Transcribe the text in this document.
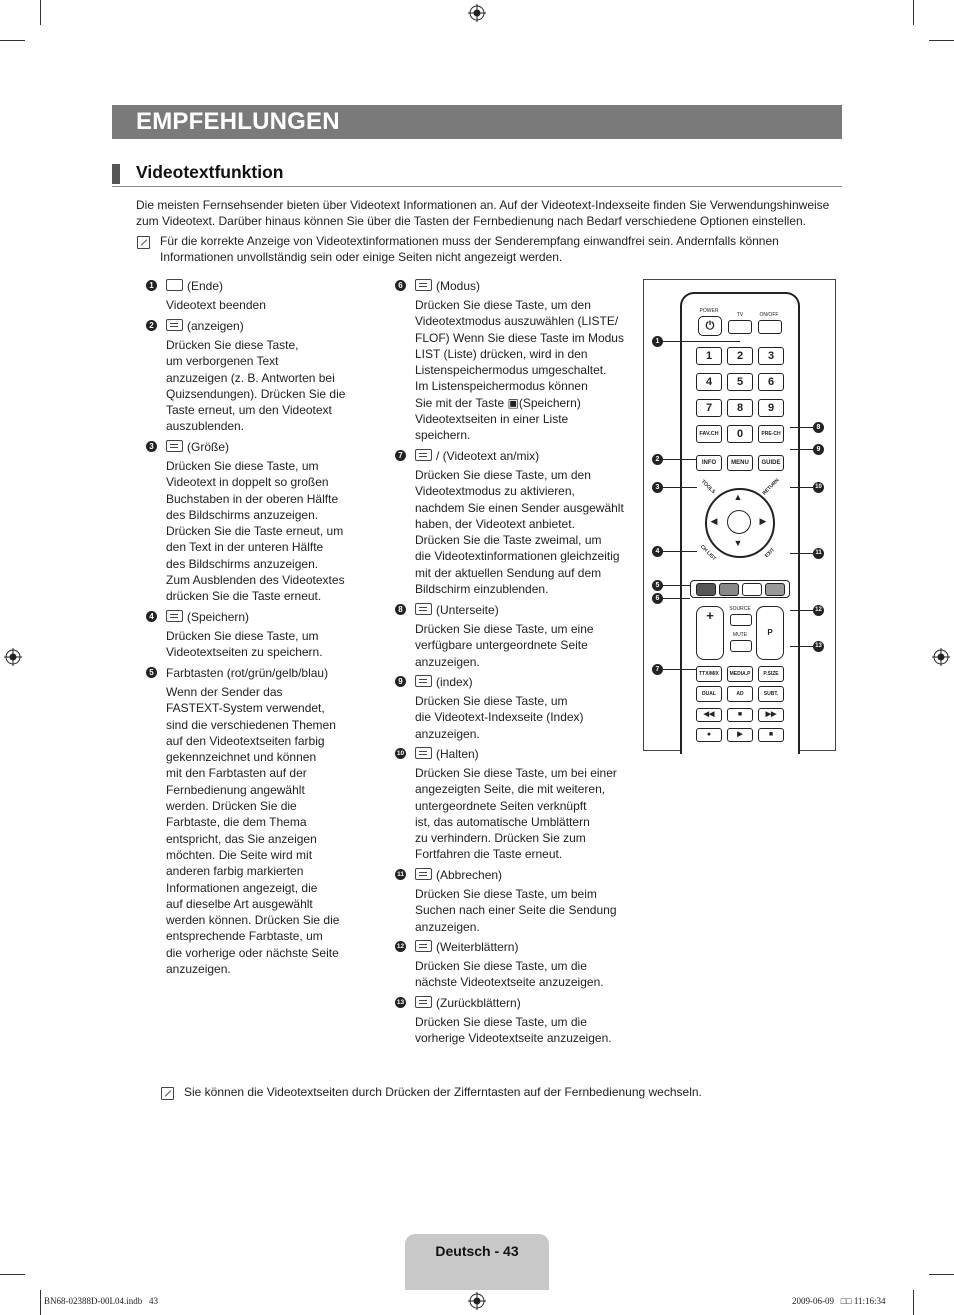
EMPFEHLUNGEN
Videotextfunktion
Die meisten Fernsehsender bieten über Videotext Informationen an. Auf der Videotext-Indexseite finden Sie Verwendungshinweise zum Videotext. Darüber hinaus können Sie über die Tasten der Fernbedienung nach Bedarf verschiedene Optionen einstellen.
Für die korrekte Anzeige von Videotextinformationen muss der Senderempfang einwandfrei sein. Andernfalls können Informationen unvollständig sein oder einige Seiten nicht angezeigt werden.
1	(Ende)
Videotext beenden
2	(anzeigen)
Drücken Sie diese Taste,
um verborgenen Text
anzuzeigen (z. B. Antworten bei
Quizsendungen). Drücken Sie die
Taste erneut, um den Videotext
auszublenden.
3	(Größe)
Drücken Sie diese Taste, um
Videotext in doppelt so großen
Buchstaben in der oberen Hälfte
des Bildschirms anzuzeigen.
Drücken Sie die Taste erneut, um
den Text in der unteren Hälfte
des Bildschirms anzuzeigen.
Zum Ausblenden des Videotextes
drücken Sie die Taste erneut.
4	(Speichern)
Drücken Sie diese Taste, um
Videotextseiten zu speichern.
5 Farbtasten (rot/grün/gelb/blau)
Wenn der Sender das
FASTEXT-System verwendet,
sind die verschiedenen Themen
auf den Videotextseiten farbig
gekennzeichnet und können
mit den Farbtasten auf der
Fernbedienung angewählt
werden. Drücken Sie die
Farbtaste, die dem Thema
entspricht, das Sie anzeigen
möchten. Die Seite wird mit
anderen farbig markierten
Informationen angezeigt, die
auf dieselbe Art ausgewählt
werden können. Drücken Sie die
entsprechende Farbtaste, um
die vorherige oder nächste Seite
anzuzeigen.
6	(Modus)
Drücken Sie diese Taste, um den
Videotextmodus auszuwählen (LISTE/
FLOF) Wenn Sie diese Taste im Modus
LIST (Liste) drücken, wird in den
Listenspeichermodus umgeschaltet.
Im Listenspeichermodus können
Sie mit der Taste ▣(Speichern)
Videotextseiten in einer Liste
speichern.
7	/ (Videotext an/mix)
Drücken Sie diese Taste, um den
Videotextmodus zu aktivieren,
nachdem Sie einen Sender ausgewählt
haben, der Videotext anbietet.
Drücken Sie die Taste zweimal, um
die Videotextinformationen gleichzeitig
mit der aktuellen Sendung auf dem
Bildschirm einzublenden.
8	(Unterseite)
Drücken Sie diese Taste, um eine
verfügbare untergeordnete Seite
anzuzeigen.
9	(index)
Drücken Sie diese Taste, um
die Videotext-Indexseite (Index)
anzuzeigen.
10	(Halten)
Drücken Sie diese Taste, um bei einer
angezeigten Seite, die mit weiteren,
untergeordnete Seiten verknüpft
ist, das automatische Umblättern
zu verhindern. Drücken Sie zum
Fortfahren die Taste erneut.
11	(Abbrechen)
Drücken Sie diese Taste, um beim
Suchen nach einer Seite die Sendung
anzuzeigen.
12	(Weiterblättern)
Drücken Sie diese Taste, um die
nächste Videotextseite anzuzeigen.
13	(Zurückblättern)
Drücken Sie diese Taste, um die
vorherige Videotextseite anzuzeigen.
POWER
⏻
TV	ON/OFF
1	2	3
4	5	6
7	8	9
FAV.CH	0	PRE-CH
INFO	MENU	GUIDE
TOOLS	RETURN
▲
▼
◀	▶
CH LIST	EXIT
+	SOURCE
MUTE	P
TTX/MIX	MEDIA.P	P.SIZE
DUAL	AD	SUBT.
◀◀	■	▶▶
●	▶	■
1
2
3
4
5
6
7
8
9
10
11
12
13
Sie können die Videotextseiten durch Drücken der Zifferntasten auf der Fernbedienung wechseln.
Deutsch - 43
BN68-02388D-00L04.indb   43	2009-06-09   □□ 11:16:34
